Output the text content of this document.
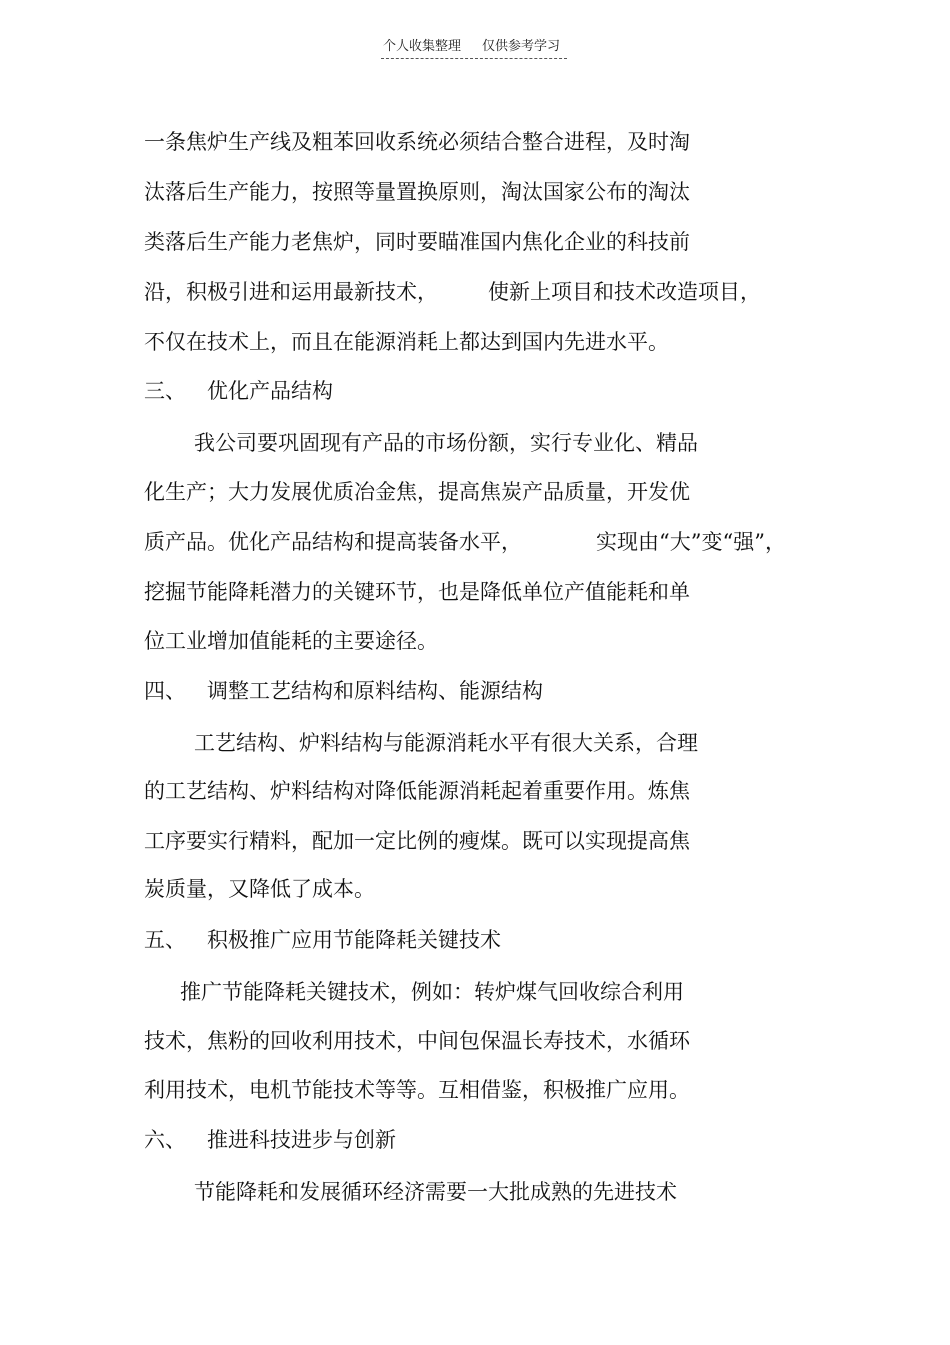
个人收集整理 仅供参考学习
一条焦炉生产线及粗苯回收系统必须结合整合进程，及时淘
汰落后生产能力，按照等量置换原则，淘汰国家公布的淘汰
类落后生产能力老焦炉，同时要瞄准国内焦化企业的科技前
沿，积极引进和运用最新技术， 使新上项目和技术改造项目，
不仅在技术上，而且在能源消耗上都达到国内先进水平。
三、 优化产品结构
我公司要巩固现有产品的市场份额，实行专业化、精品
化生产；大力发展优质冶金焦，提高焦炭产品质量，开发优
质产品。优化产品结构和提高装备水平，	实现由“大”变“强”，
挖掘节能降耗潜力的关键环节，也是降低单位产值能耗和单
位工业增加值能耗的主要途径。
四、 调整工艺结构和原料结构、能源结构
工艺结构、炉料结构与能源消耗水平有很大关系，合理
的工艺结构、炉料结构对降低能源消耗起着重要作用。炼焦
工序要实行精料，配加一定比例的瘦煤。既可以实现提高焦
炭质量，又降低了成本。
五、 积极推广应用节能降耗关键技术
推广节能降耗关键技术，例如：转炉煤气回收综合利用
技术，焦粉的回收利用技术，中间包保温长寿技术，水循环
利用技术，电机节能技术等等。互相借鉴，积极推广应用。
六、 推进科技进步与创新
节能降耗和发展循环经济需要一大批成熟的先进技术
